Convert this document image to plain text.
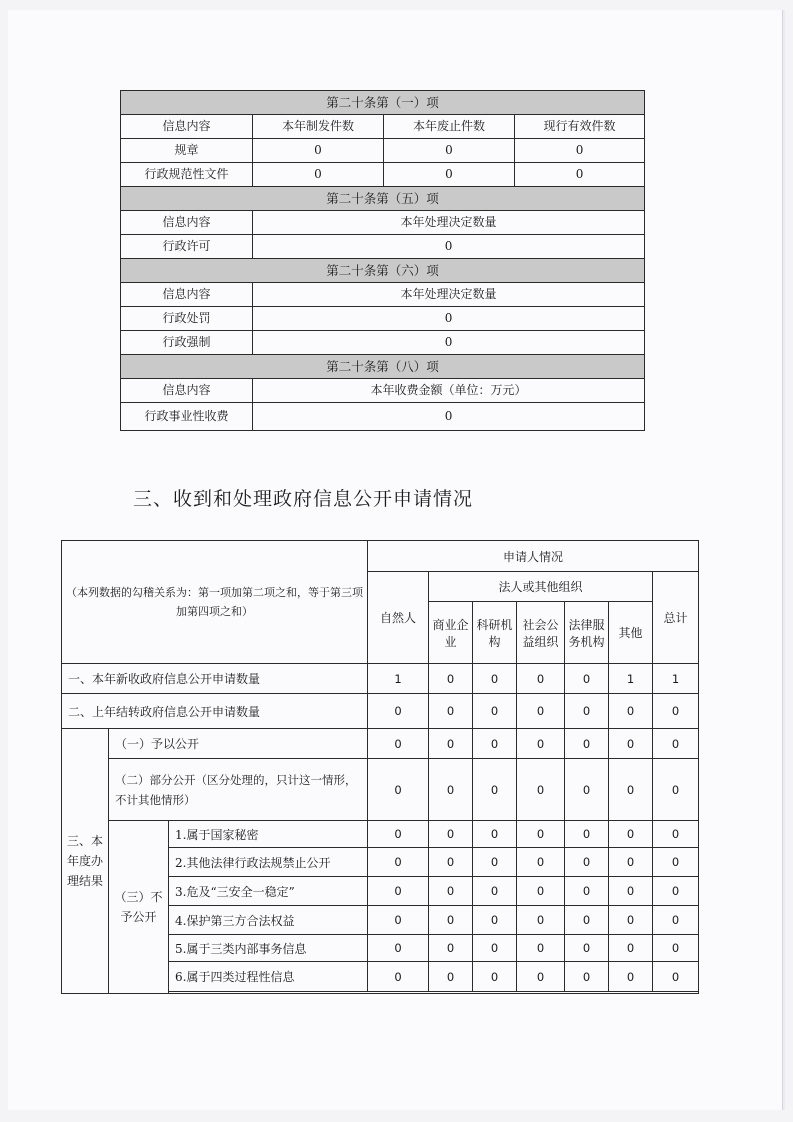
第二十条第（一）项			
信息内容	本年制发件数	本年废止件数	现行有效件数
规章	0	0	0
行政规范性文件	0	0	0
第二十条第（五）项			
信息内容	本年处理决定数量		
行政许可	0		
第二十条第（六）项			
信息内容	本年处理决定数量		
行政处罚	0		
行政强制	0		
第二十条第（八）项			
信息内容	本年收费金额（单位：万元）		
行政事业性收费	0		
三、收到和处理政府信息公开申请情况
（本列数据的勾稽关系为：第一项加第二项之和，等于第三项加第四项之和）			申请人情况						
			自然人	法人或其他组织					总计
				商业企业	科研机构	社会公益组织	法律服务机构	其他	

一、本年新收政府信息公开申请数量			1	0	0	0	0	1	1
二、上年结转政府信息公开申请数量			0	0	0	0	0	0	0
三、本年度办理结果	（一）予以公开		0	0	0	0	0	0	0
	（二）部分公开（区分处理的，只计这一情形，不计其他情形）		0	0	0	0	0	0	0
	（三）不予公开	1.属于国家秘密	0	0	0	0	0	0	0
		2.其他法律行政法规禁止公开	0	0	0	0	0	0	0
		3.危及“三安全一稳定”	0	0	0	0	0	0	0
		4.保护第三方合法权益	0	0	0	0	0	0	0
		5.属于三类内部事务信息	0	0	0	0	0	0	0
		6.属于四类过程性信息	0	0	0	0	0	0	0
